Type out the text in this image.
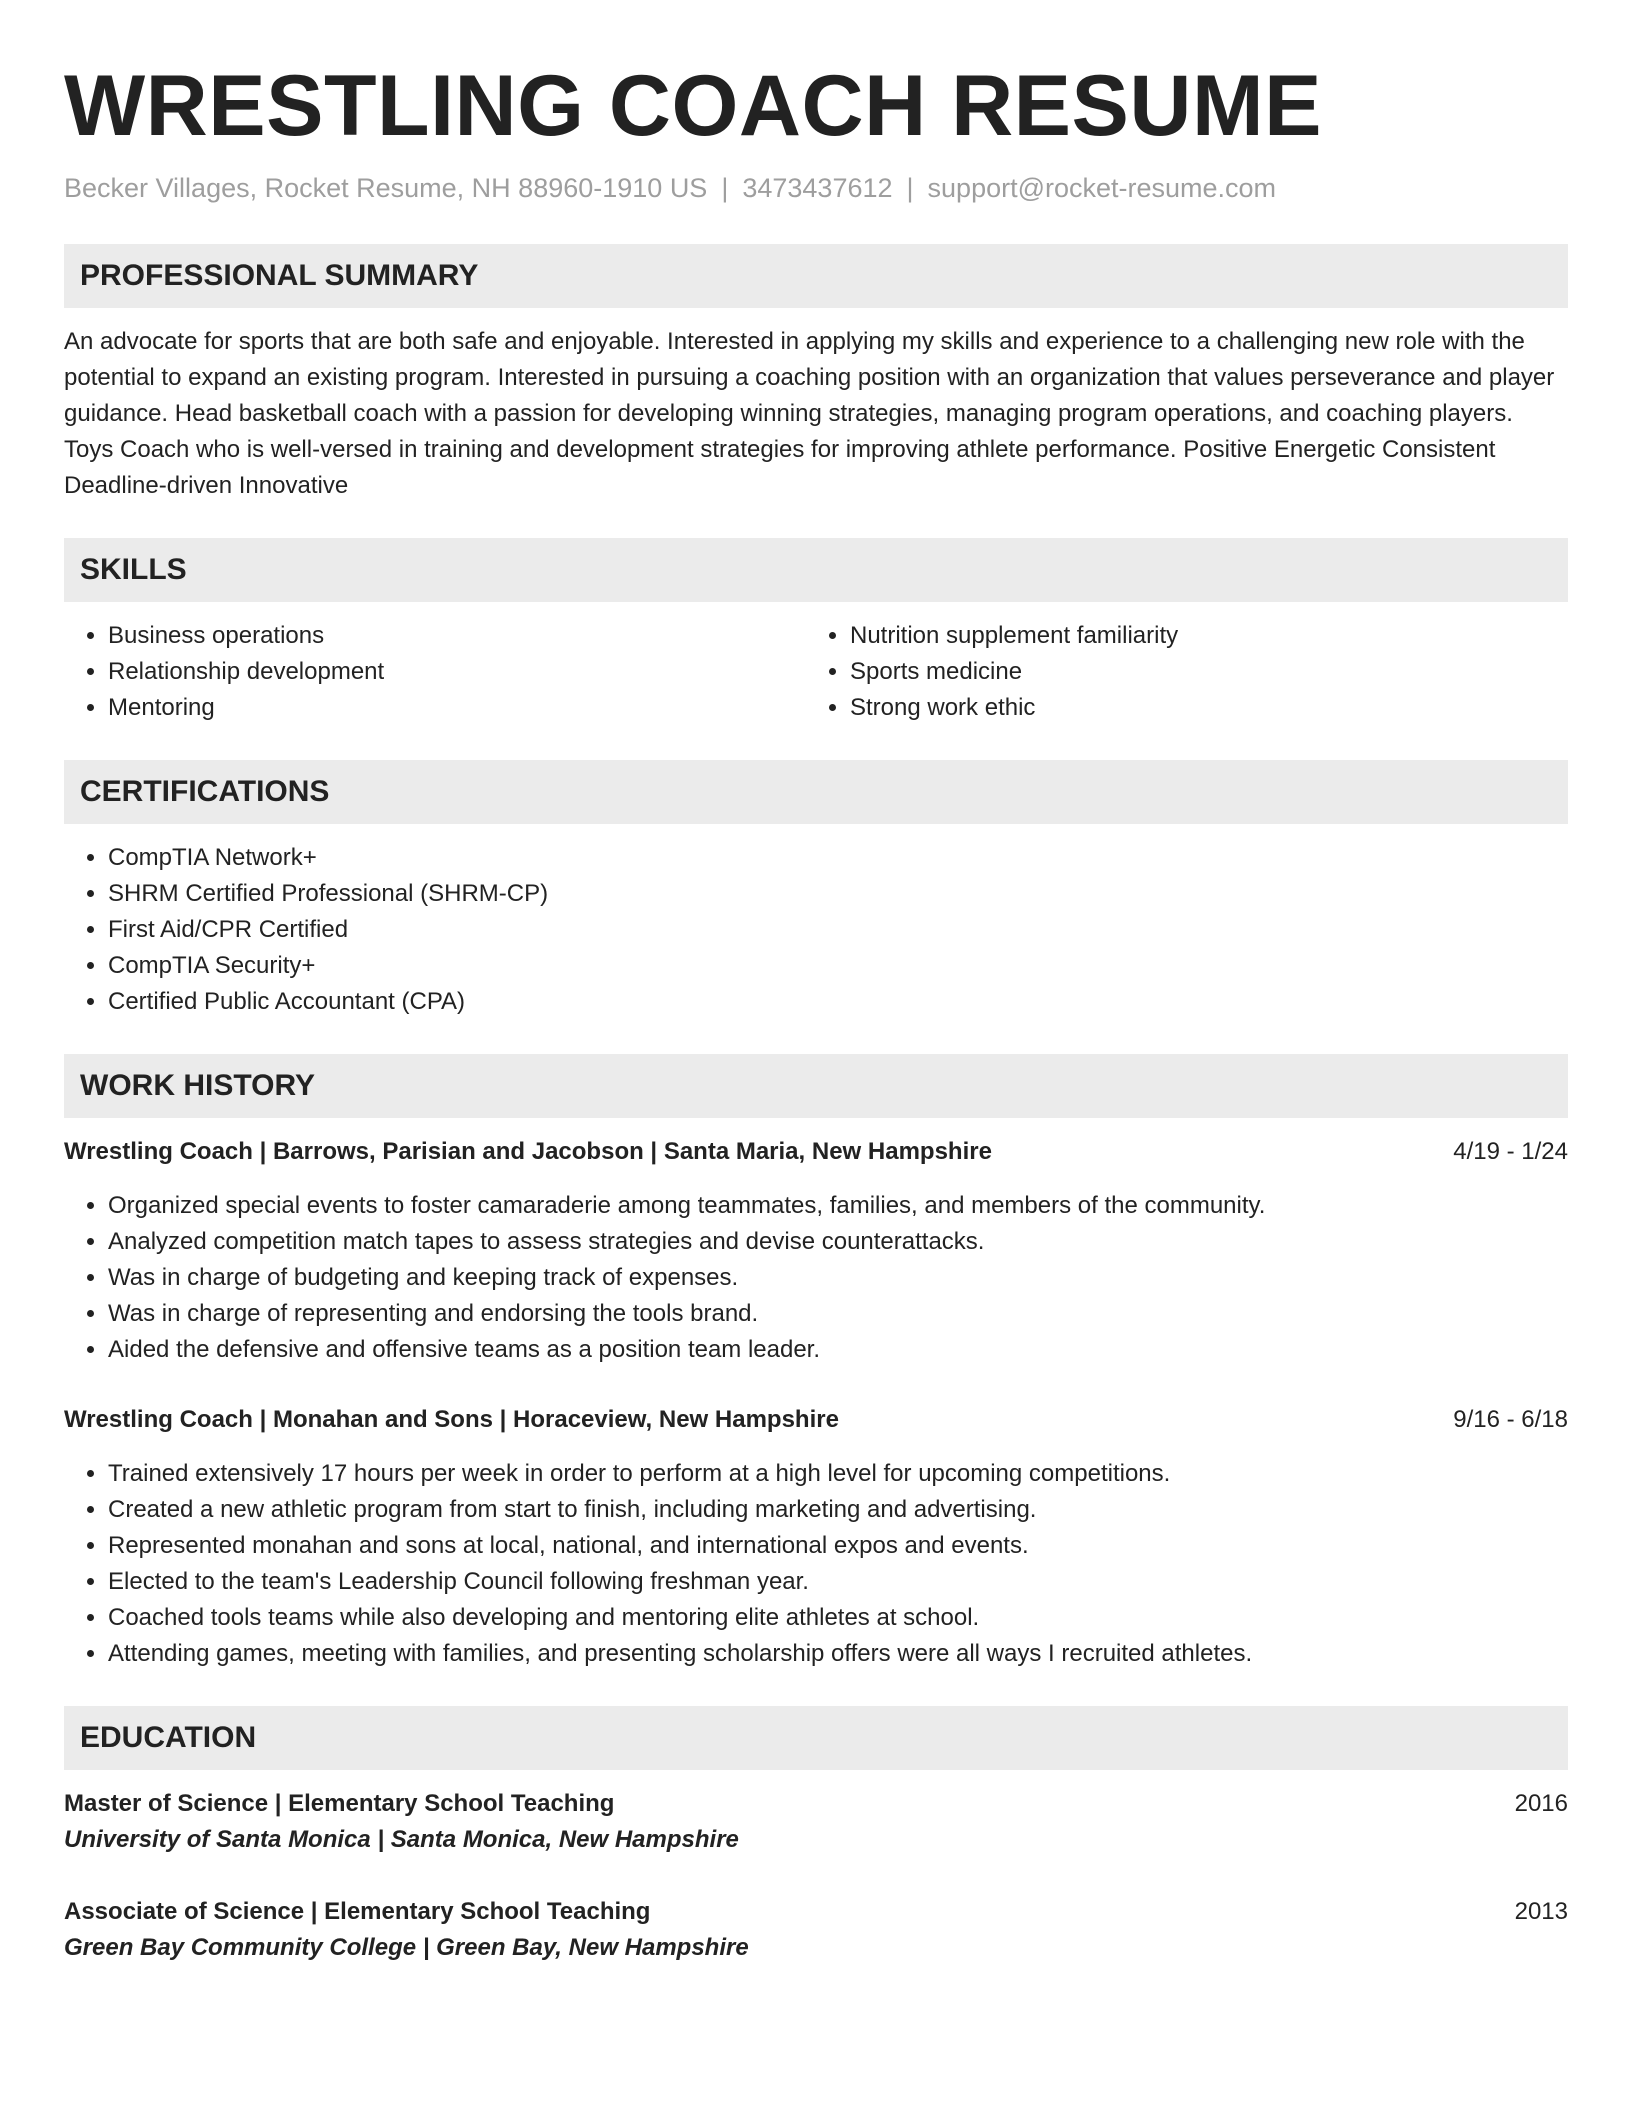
WRESTLING COACH RESUME
Becker Villages, Rocket Resume, NH 88960-1910 US | 3473437612 | support@rocket-resume.com
PROFESSIONAL SUMMARY
An advocate for sports that are both safe and enjoyable. Interested in applying my skills and experience to a challenging new role with the potential to expand an existing program. Interested in pursuing a coaching position with an organization that values perseverance and player guidance. Head basketball coach with a passion for developing winning strategies, managing program operations, and coaching players. Toys Coach who is well-versed in training and development strategies for improving athlete performance. Positive Energetic Consistent Deadline-driven Innovative
SKILLS
• Business operations
• Relationship development
• Mentoring
• Nutrition supplement familiarity
• Sports medicine
• Strong work ethic
CERTIFICATIONS
• CompTIA Network+
• SHRM Certified Professional (SHRM-CP)
• First Aid/CPR Certified
• CompTIA Security+
• Certified Public Accountant (CPA)
WORK HISTORY
Wrestling Coach | Barrows, Parisian and Jacobson | Santa Maria, New Hampshire	4/19 - 1/24
• Organized special events to foster camaraderie among teammates, families, and members of the community.
• Analyzed competition match tapes to assess strategies and devise counterattacks.
• Was in charge of budgeting and keeping track of expenses.
• Was in charge of representing and endorsing the tools brand.
• Aided the defensive and offensive teams as a position team leader.
Wrestling Coach | Monahan and Sons | Horaceview, New Hampshire	9/16 - 6/18
• Trained extensively 17 hours per week in order to perform at a high level for upcoming competitions.
• Created a new athletic program from start to finish, including marketing and advertising.
• Represented monahan and sons at local, national, and international expos and events.
• Elected to the team's Leadership Council following freshman year.
• Coached tools teams while also developing and mentoring elite athletes at school.
• Attending games, meeting with families, and presenting scholarship offers were all ways I recruited athletes.
EDUCATION
Master of Science | Elementary School Teaching	2016
University of Santa Monica | Santa Monica, New Hampshire
Associate of Science | Elementary School Teaching	2013
Green Bay Community College | Green Bay, New Hampshire
